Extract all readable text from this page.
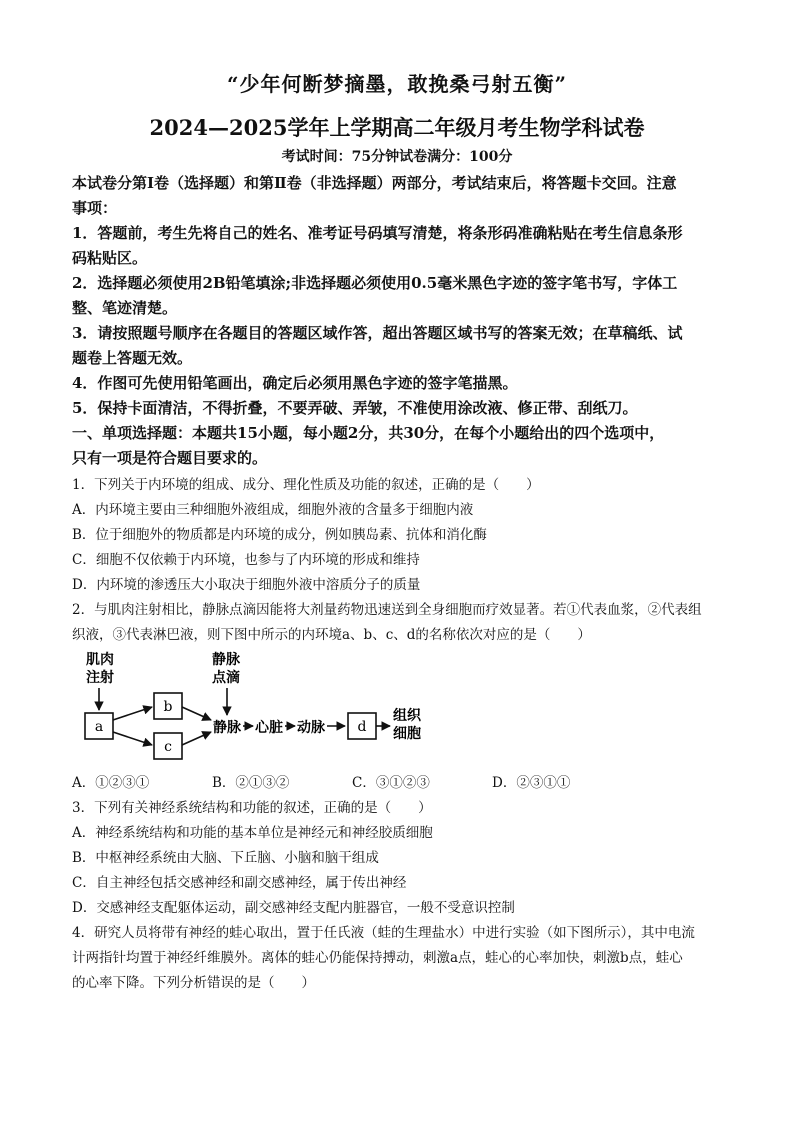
“少年何断梦摘墨，敢挽桑弓射五衡”
2024—2025学年上学期高二年级月考生物学科试卷
考试时间：75分钟试卷满分：100分
本试卷分第Ⅰ卷（选择题）和第Ⅱ卷（非选择题）两部分，考试结束后，将答题卡交回。注意
事项：
1．答题前，考生先将自己的姓名、准考证号码填写清楚，将条形码准确粘贴在考生信息条形
码粘贴区。
2．选择题必须使用2B铅笔填涂;非选择题必须使用0.5毫米黑色字迹的签字笔书写，字体工
整、笔迹清楚。
3．请按照题号顺序在各题目的答题区域作答，超出答题区域书写的答案无效；在草稿纸、试
题卷上答题无效。
4．作图可先使用铅笔画出，确定后必须用黑色字迹的签字笔描黑。
5．保持卡面清洁，不得折叠，不要弄破、弄皱，不准使用涂改液、修正带、刮纸刀。
一、单项选择题：本题共15小题，每小题2分，共30分，在每个小题给出的四个选项中，
只有一项是符合题目要求的。
1．下列关于内环境的组成、成分、理化性质及功能的叙述，正确的是（　　）
A．内环境主要由三种细胞外液组成，细胞外液的含量多于细胞内液
B．位于细胞外的物质都是内环境的成分，例如胰岛素、抗体和消化酶
C．细胞不仅依赖于内环境，也参与了内环境的形成和维持
D．内环境的渗透压大小取决于细胞外液中溶质分子的质量
2．与肌肉注射相比，静脉点滴因能将大剂量药物迅速送到全身细胞而疗效显著。若①代表血浆，②代表组
织液，③代表淋巴液，则下图中所示的内环境a、b、c、d的名称依次对应的是（　　）
肌肉
注射
静脉
点滴
a
b
c
静脉 心脏 动脉 d
组织
细胞
A．①②③①	B．②①③②	C．③①②③	D．②③①①
3．下列有关神经系统结构和功能的叙述，正确的是（　　）
A．神经系统结构和功能的基本单位是神经元和神经胶质细胞
B．中枢神经系统由大脑、下丘脑、小脑和脑干组成
C．自主神经包括交感神经和副交感神经，属于传出神经
D．交感神经支配躯体运动，副交感神经支配内脏器官，一般不受意识控制
4．研究人员将带有神经的蛙心取出，置于任氏液（蛙的生理盐水）中进行实验（如下图所示），其中电流
计两指针均置于神经纤维膜外。离体的蛙心仍能保持搏动，刺激a点，蛙心的心率加快，刺激b点，蛙心
的心率下降。下列分析错误的是（　　）
